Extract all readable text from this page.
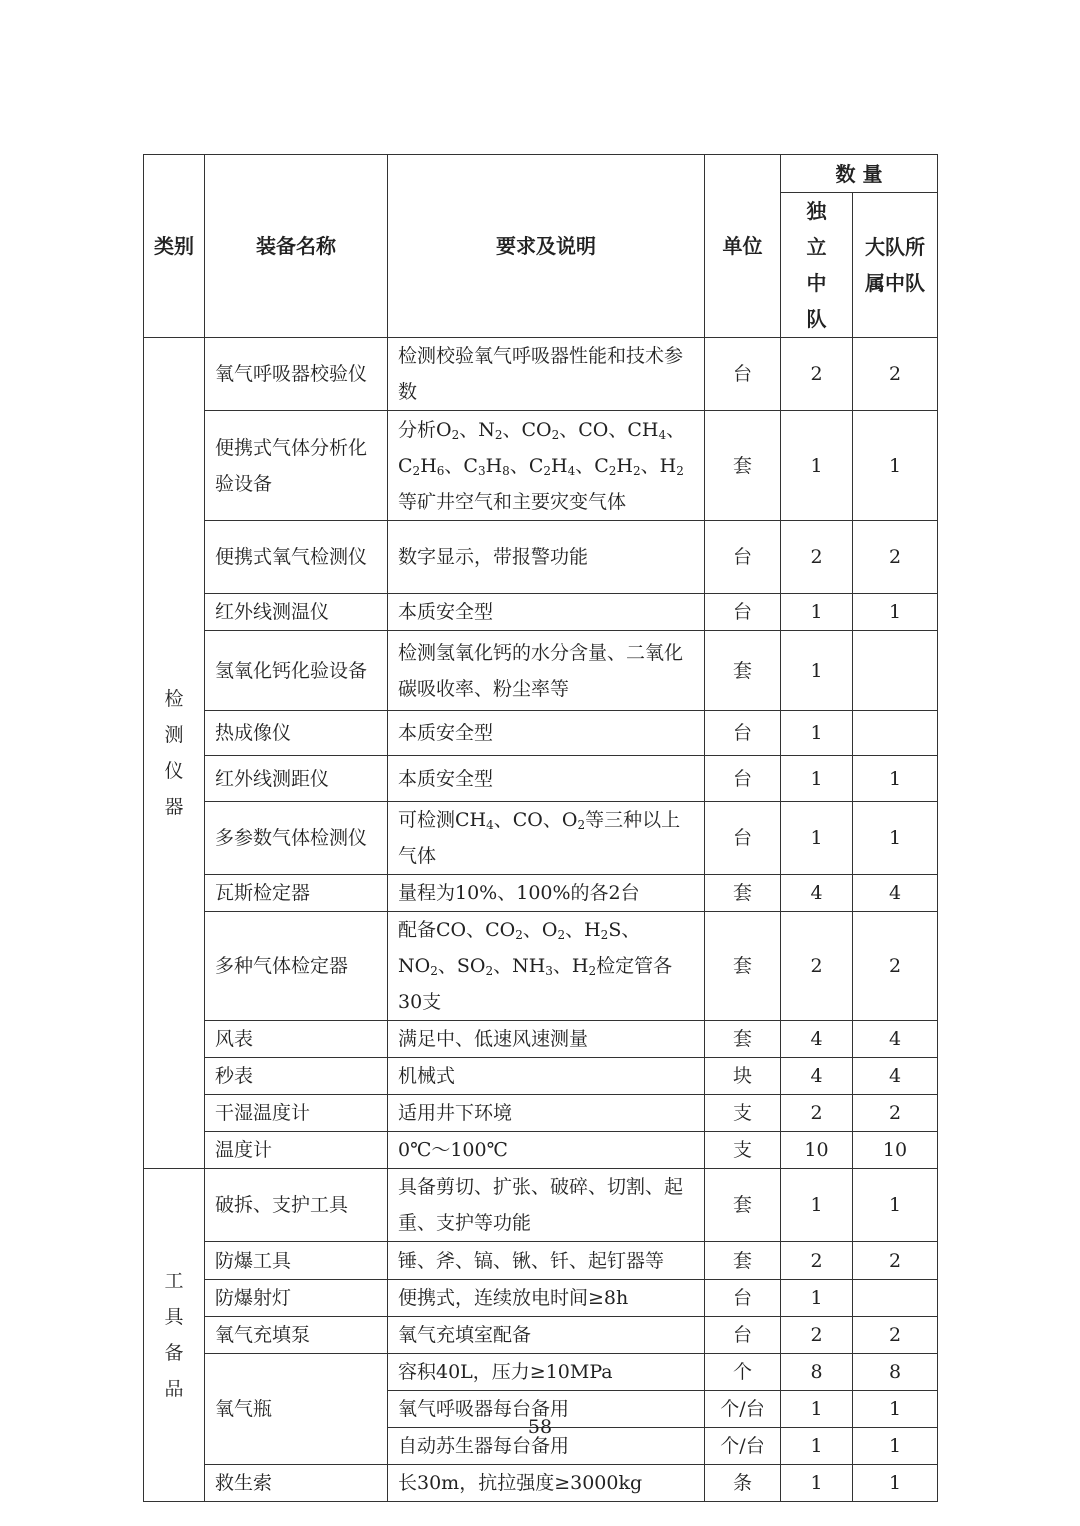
类别	装备名称	要求及说明	单位	数 量	
				独立中队	大队所属中队
检测仪器	氧气呼吸器校验仪	检测校验氧气呼吸器性能和技术参数	台	2	2
	便携式气体分析化验设备	分析$O_2$、$N_2$、$CO_2$、CO、$CH_4$、$C_2H_6$、$C_3H_8$、$C_2H_4$、$C_2H_2$、$H_2$等矿井空气和主要灾变气体	套	1	1
	便携式氧气检测仪	数字显示，带报警功能	台	2	2
	红外线测温仪	本质安全型	台	1	1
	氢氧化钙化验设备	检测氢氧化钙的水分含量、二氧化碳吸收率、粉尘率等	套	1	
	热成像仪	本质安全型	台	1	
	红外线测距仪	本质安全型	台	1	1
	多参数气体检测仪	可检测$CH_4$、CO、$O_2$等三种以上气体	台	1	1
	瓦斯检定器	量程为10%、100%的各2台	套	4	4
	多种气体检定器	配备CO、$CO_2$、$O_2$、$H_2S$、$NO_2$、$SO_2$、$NH_3$、$H_2$检定管各30支	套	2	2
	风表	满足中、低速风速测量	套	4	4
	秒表	机械式	块	4	4
	干湿温度计	适用井下环境	支	2	2
	温度计	0℃～100℃	支	10	10
工具备品	破拆、支护工具	具备剪切、扩张、破碎、切割、起重、支护等功能	套	1	1
	防爆工具	锤、斧、镐、锹、钎、起钉器等	套	2	2
	防爆射灯	便携式，连续放电时间≥8h	台	1	
	氧气充填泵	氧气充填室配备	台	2	2
	氧气瓶	容积40L，压力≥10MPa	个	8	8
		氧气呼吸器每台备用	个/台	1	1
		自动苏生器每台备用	个/台	1	1
	救生索	长30m，抗拉强度≥3000kg	条	1	1
58
